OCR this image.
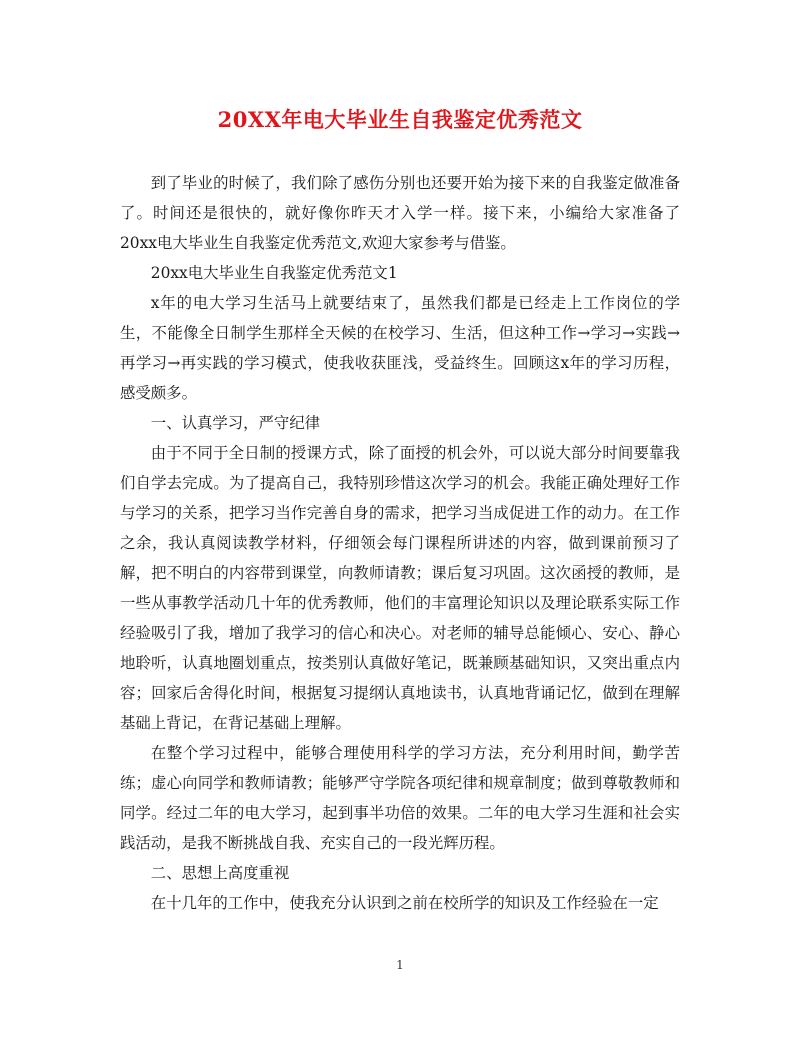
20XX年电大毕业生自我鉴定优秀范文

到了毕业的时候了，我们除了感伤分别也还要开始为接下来的自我鉴定做准备了。时间还是很快的，就好像你昨天才入学一样。接下来，小编给大家准备了20xx电大毕业生自我鉴定优秀范文,欢迎大家参考与借鉴。

20xx电大毕业生自我鉴定优秀范文1

x年的电大学习生活马上就要结束了，虽然我们都是已经走上工作岗位的学生，不能像全日制学生那样全天候的在校学习、生活，但这种工作→学习→实践→再学习→再实践的学习模式，使我收获匪浅，受益终生。回顾这x年的学习历程，感受颇多。

一、认真学习，严守纪律

由于不同于全日制的授课方式，除了面授的机会外，可以说大部分时间要靠我们自学去完成。为了提高自己，我特别珍惜这次学习的机会。我能正确处理好工作与学习的关系，把学习当作完善自身的需求，把学习当成促进工作的动力。在工作之余，我认真阅读教学材料，仔细领会每门课程所讲述的内容，做到课前预习了解，把不明白的内容带到课堂，向教师请教；课后复习巩固。这次函授的教师，是一些从事教学活动几十年的优秀教师，他们的丰富理论知识以及理论联系实际工作经验吸引了我，增加了我学习的信心和决心。对老师的辅导总能倾心、安心、静心地聆听，认真地圈划重点，按类别认真做好笔记，既兼顾基础知识，又突出重点内容；回家后舍得化时间，根据复习提纲认真地读书，认真地背诵记忆，做到在理解基础上背记，在背记基础上理解。

在整个学习过程中，能够合理使用科学的学习方法，充分利用时间，勤学苦练；虚心向同学和教师请教；能够严守学院各项纪律和规章制度；做到尊敬教师和同学。经过二年的电大学习，起到事半功倍的效果。二年的电大学习生涯和社会实践活动，是我不断挑战自我、充实自己的一段光辉历程。

二、思想上高度重视

在十几年的工作中，使我充分认识到之前在校所学的知识及工作经验在一定

1
